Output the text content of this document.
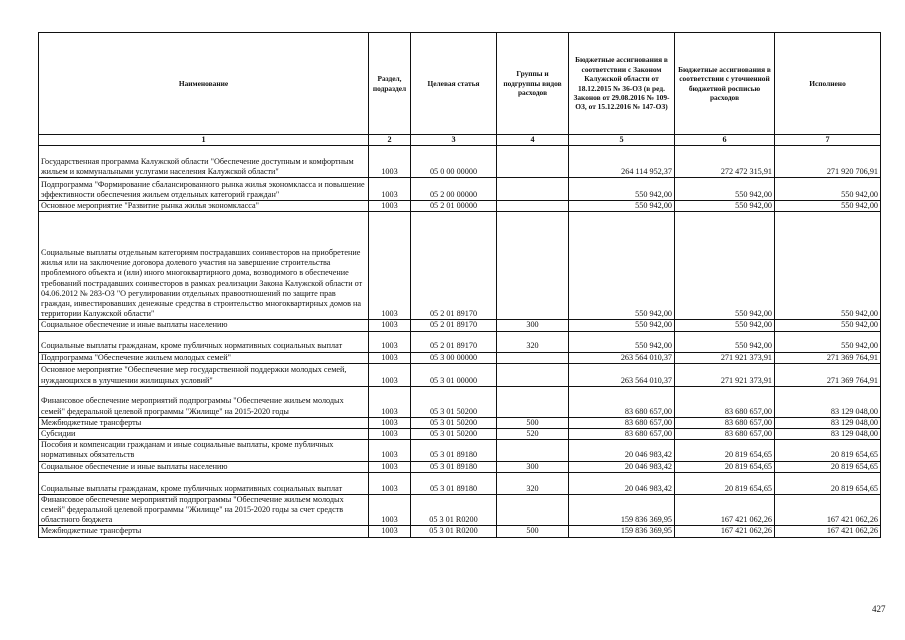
Наименование	Раздел, подраздел	Целевая статья	Группы и подгруппы видов расходов	Бюджетные ассигнования в соответствии с Законом Калужской области от 18.12.2015 № 36-ОЗ (в ред. Законов от 29.08.2016 № 109-ОЗ, от 15.12.2016 № 147-ОЗ)	Бюджетные ассигнования в соответствии с уточненной бюджетной росписью расходов	Исполнено
1	2	3	4	5	6	7
Государственная программа Калужской области "Обеспечение доступным и комфортным жильем и коммунальными услугами населения Калужской области"	1003	05 0 00 00000		264 114 952,37	272 472 315,91	271 920 706,91
Подпрограмма "Формирование сбалансированного рынка жилья экономкласса и повышение эффективности обеспечения жильем отдельных категорий граждан"	1003	05 2 00 00000		550 942,00	550 942,00	550 942,00
Основное мероприятие "Развитие рынка жилья экономкласса"	1003	05 2 01 00000		550 942,00	550 942,00	550 942,00
Социальные выплаты отдельным категориям пострадавших соинвесторов на приобретение жилья или на заключение договора долевого участия на завершение строительства проблемного объекта и (или) иного многоквартирного дома, возводимого в обеспечение требований пострадавших соинвесторов в рамках реализации Закона Калужской области от 04.06.2012 № 283-ОЗ "О регулировании отдельных правоотношений по защите прав граждан, инвестировавших денежные средства в строительство многоквартирных домов на территории Калужской области"	1003	05 2 01 89170		550 942,00	550 942,00	550 942,00
Социальное обеспечение и иные выплаты населению	1003	05 2 01 89170	300	550 942,00	550 942,00	550 942,00
Социальные выплаты гражданам, кроме публичных нормативных социальных выплат	1003	05 2 01 89170	320	550 942,00	550 942,00	550 942,00
Подпрограмма "Обеспечение жильем молодых семей"	1003	05 3 00 00000		263 564 010,37	271 921 373,91	271 369 764,91
Основное мероприятие "Обеспечение мер государственной поддержки молодых семей, нуждающихся в улучшении жилищных условий"	1003	05 3 01 00000		263 564 010,37	271 921 373,91	271 369 764,91
Финансовое обеспечение мероприятий подпрограммы "Обеспечение жильем молодых семей" федеральной целевой программы "Жилище" на 2015-2020 годы	1003	05 3 01 50200		83 680 657,00	83 680 657,00	83 129 048,00
Межбюджетные трансферты	1003	05 3 01 50200	500	83 680 657,00	83 680 657,00	83 129 048,00
Субсидии	1003	05 3 01 50200	520	83 680 657,00	83 680 657,00	83 129 048,00
Пособия и компенсации гражданам и иные социальные выплаты, кроме публичных нормативных обязательств	1003	05 3 01 89180		20 046 983,42	20 819 654,65	20 819 654,65
Социальное обеспечение и иные выплаты населению	1003	05 3 01 89180	300	20 046 983,42	20 819 654,65	20 819 654,65
Социальные выплаты гражданам, кроме публичных нормативных социальных выплат	1003	05 3 01 89180	320	20 046 983,42	20 819 654,65	20 819 654,65
Финансовое обеспечение мероприятий подпрограммы "Обеспечение жильем молодых семей" федеральной целевой программы "Жилище" на 2015-2020 годы за счет средств областного бюджета	1003	05 3 01 R0200		159 836 369,95	167 421 062,26	167 421 062,26
Межбюджетные трансферты	1003	05 3 01 R0200	500	159 836 369,95	167 421 062,26	167 421 062,26
427
